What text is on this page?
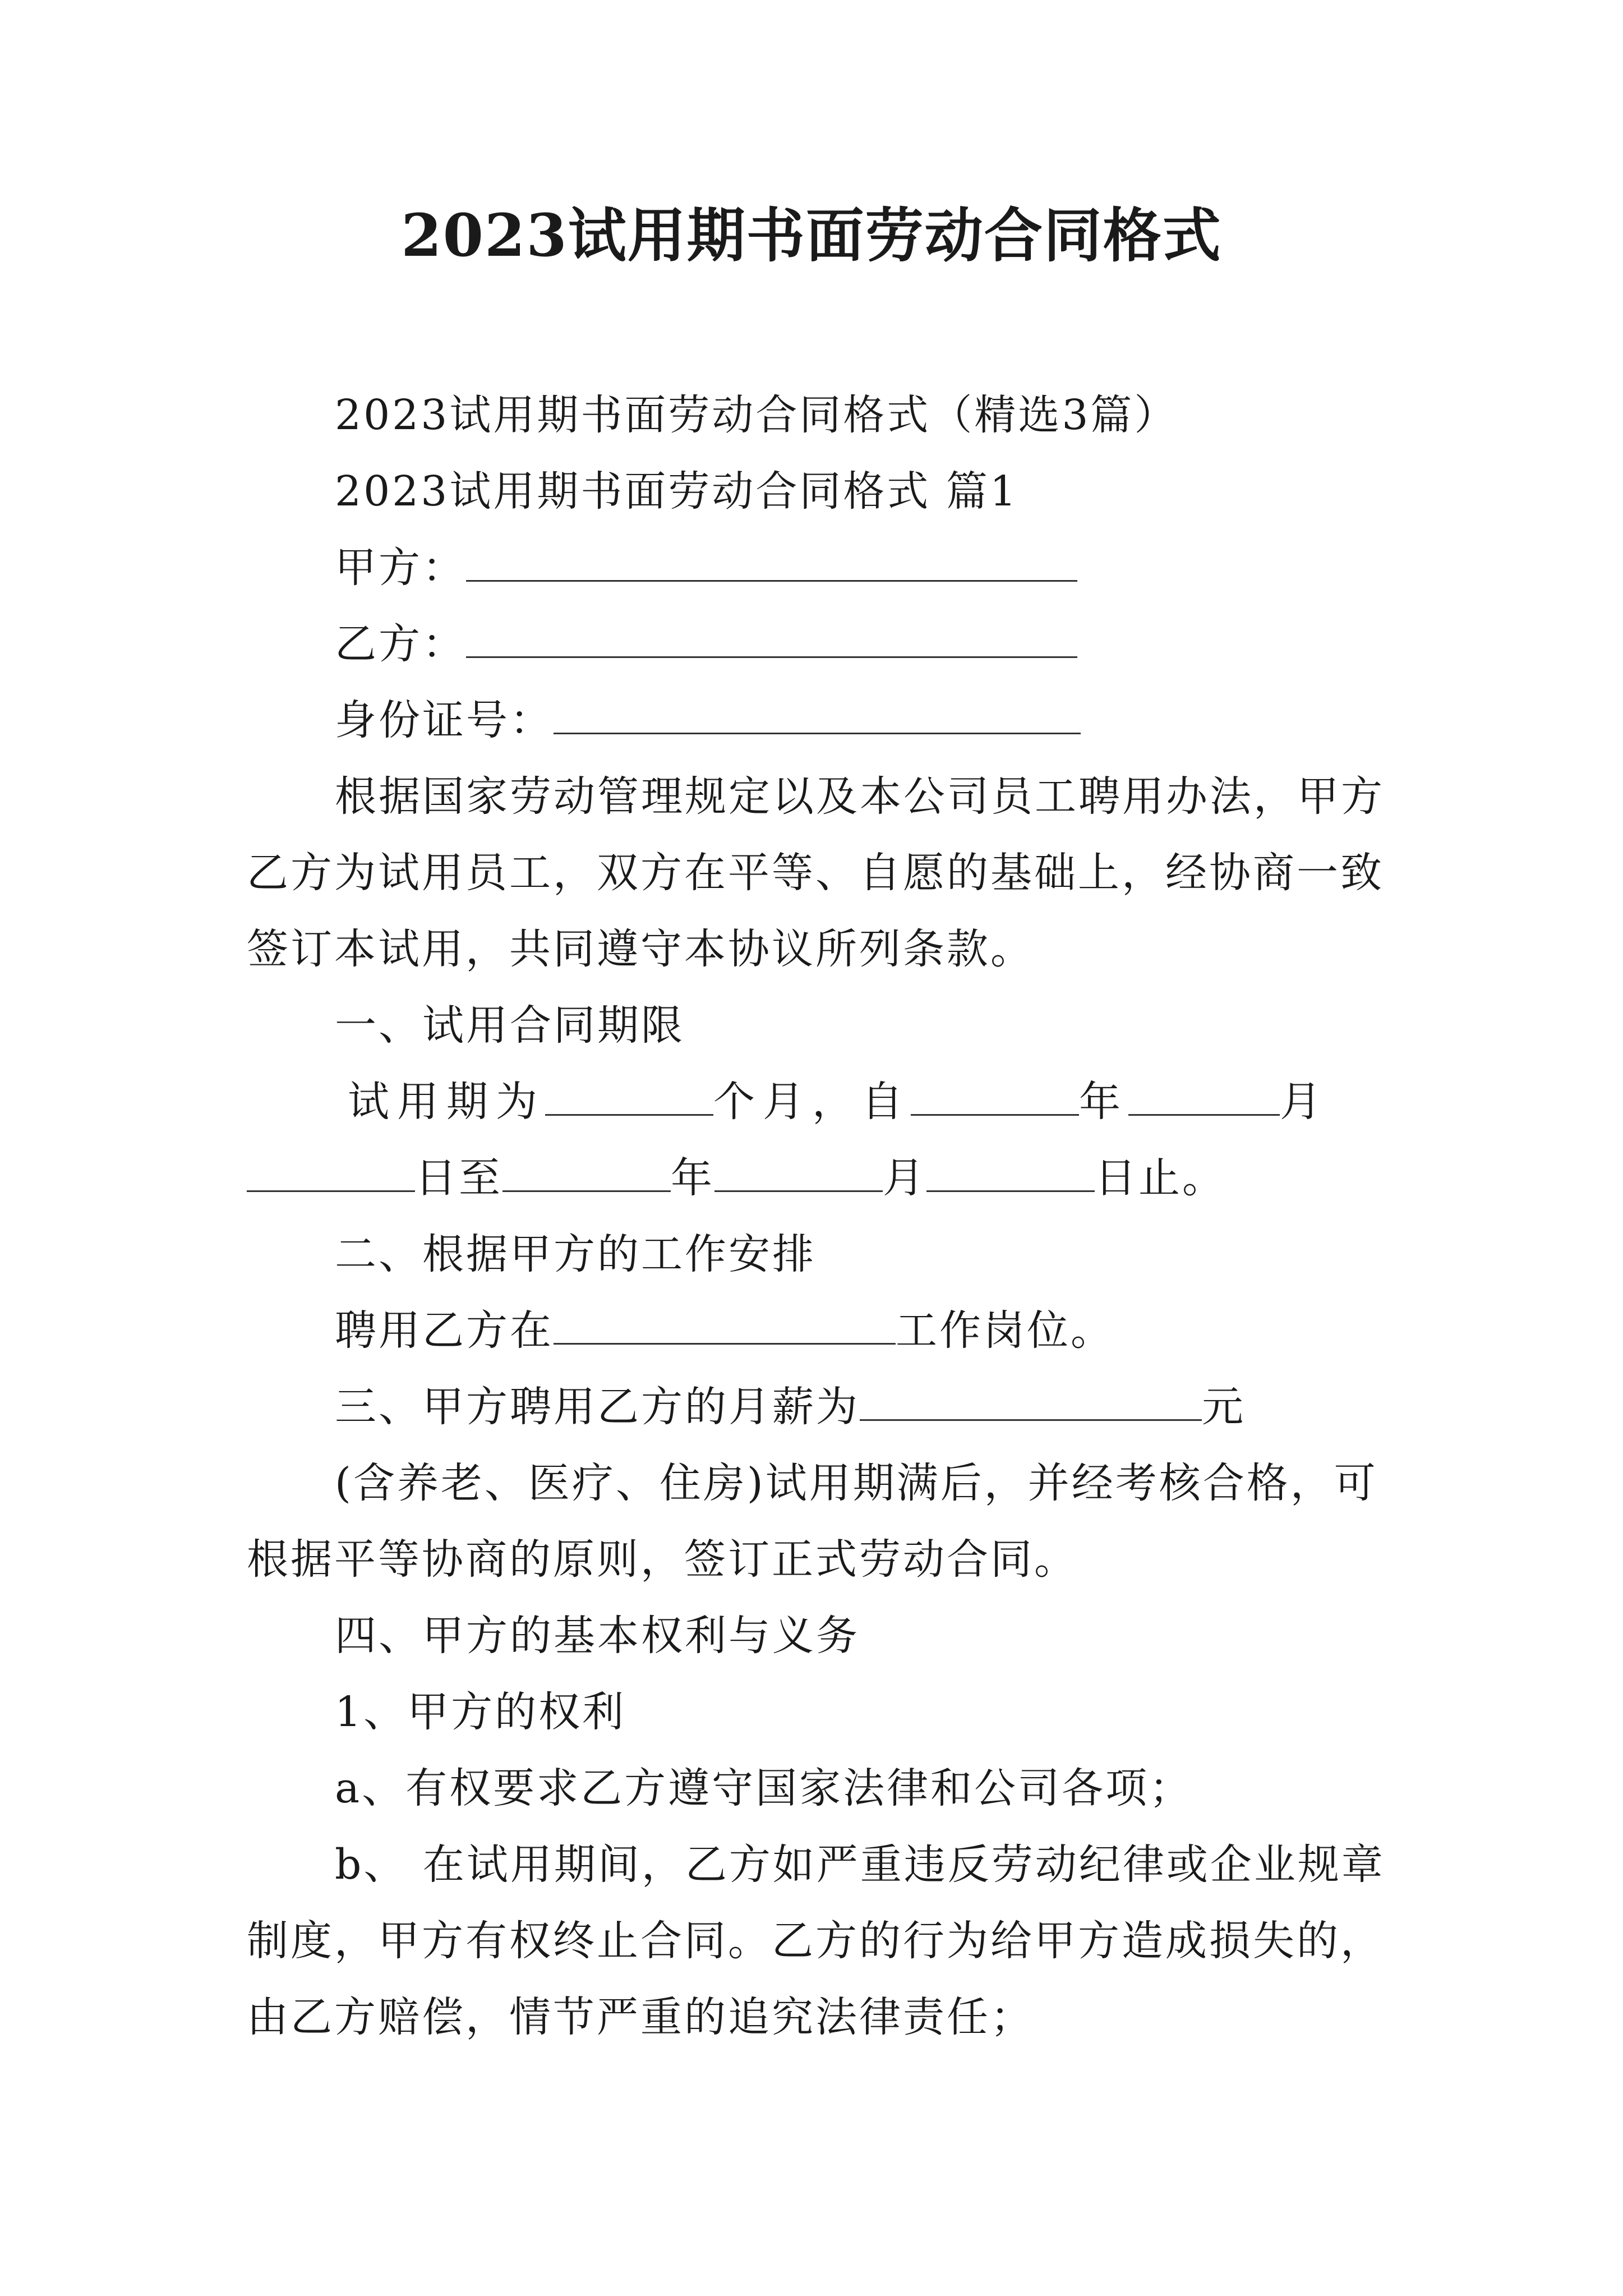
2023试用期书面劳动合同格式
2023试用期书面劳动合同格式（精选3篇）
2023试用期书面劳动合同格式 篇1
甲方：
乙方：
身份证号：
根据国家劳动管理规定以及本公司员工聘用办法，甲方
乙方为试用员工，双方在平等、自愿的基础上，经协商一致
签订本试用，共同遵守本协议所列条款。
一、试用合同期限
试用期为	个月，自	年	月
日至	年	月	日止。
二、根据甲方的工作安排
聘用乙方在	工作岗位。
三、甲方聘用乙方的月薪为	元
(含养老、医疗、住房)试用期满后，并经考核合格，可
根据平等协商的原则，签订正式劳动合同。
四、甲方的基本权利与义务
1、甲方的权利
a、有权要求乙方遵守国家法律和公司各项；
b、 在试用期间，乙方如严重违反劳动纪律或企业规章
制度，甲方有权终止合同。乙方的行为给甲方造成损失的，
由乙方赔偿，情节严重的追究法律责任；
